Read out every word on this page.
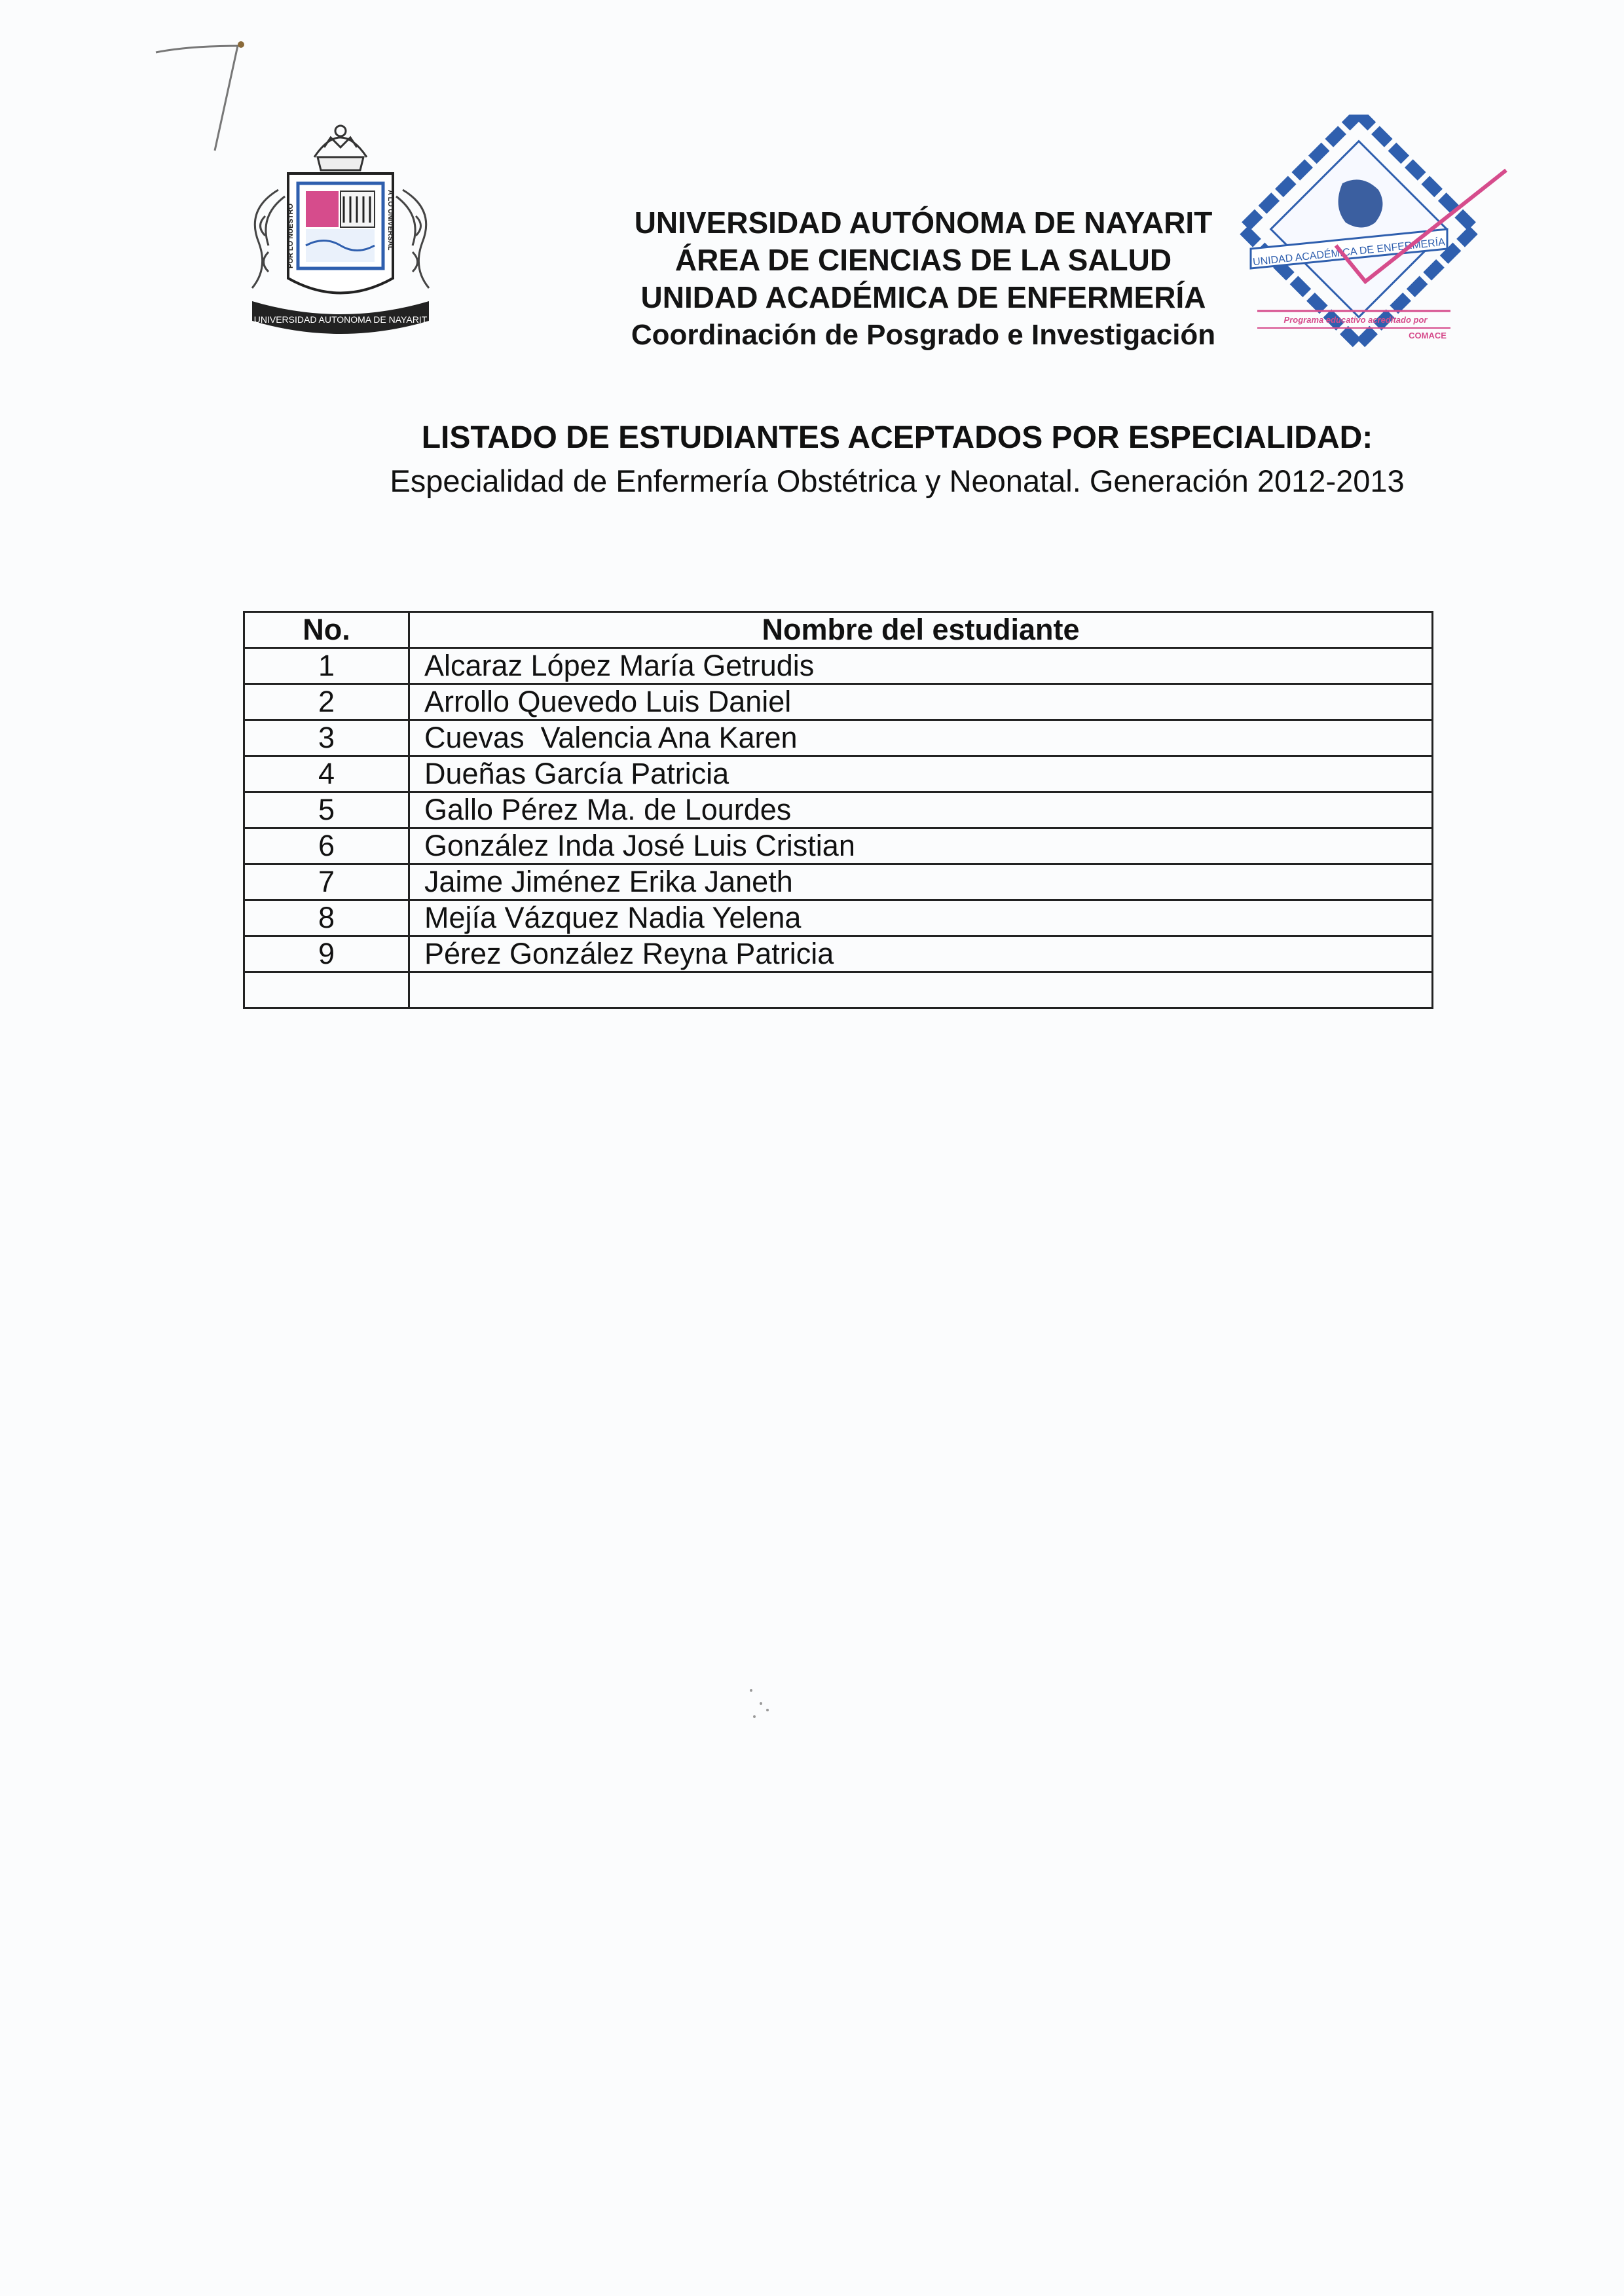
POR LO NUESTRO	A LO UNIVERSAL
UNIVERSIDAD AUTONOMA DE NAYARIT
UNIDAD ACADÉMICA DE ENFERMERÍA
Programa educativo acreditado por
COMACE
UNIVERSIDAD AUTÓNOMA DE NAYARIT
ÁREA DE CIENCIAS DE LA SALUD
UNIDAD ACADÉMICA DE ENFERMERÍA
Coordinación de Posgrado e Investigación
LISTADO DE ESTUDIANTES ACEPTADOS POR ESPECIALIDAD:
Especialidad de Enfermería Obstétrica y Neonatal. Generación 2012-2013
No.	Nombre del estudiante
1	Alcaraz López María Getrudis
2	Arrollo Quevedo Luis Daniel
3	Cuevas  Valencia Ana Karen
4	Dueñas García Patricia
5	Gallo Pérez Ma. de Lourdes
6	González Inda José Luis Cristian
7	Jaime Jiménez Erika Janeth
8	Mejía Vázquez Nadia Yelena
9	Pérez González Reyna Patricia
